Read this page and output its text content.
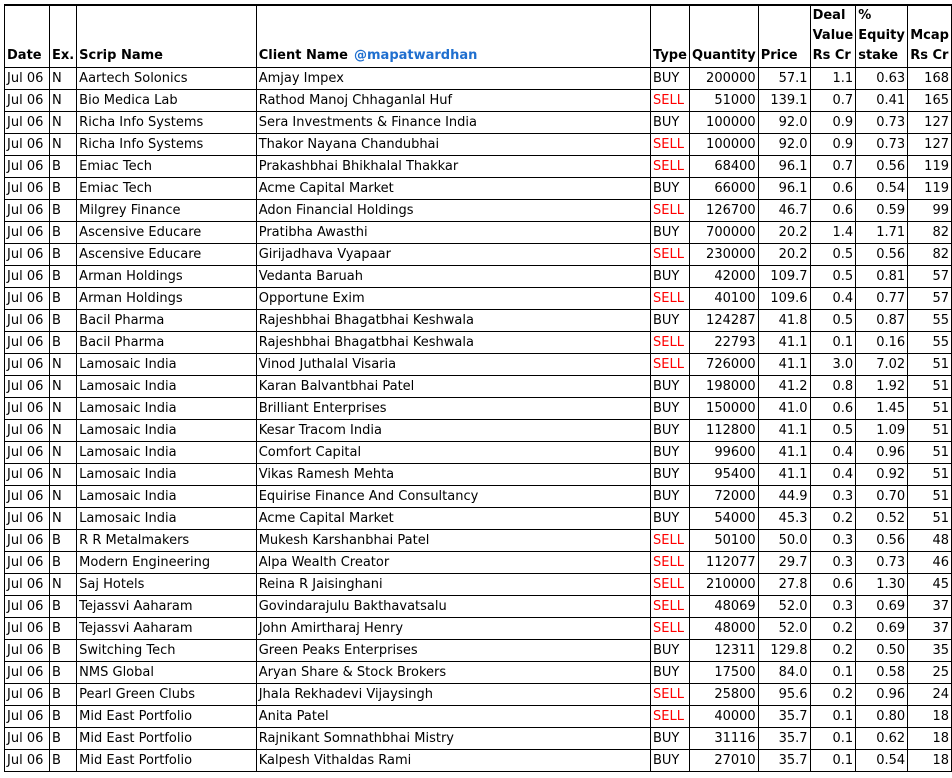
Date	Ex.	Scrip Name	Client Name @mapatwardhan	Type	Quantity	Price	Deal Value Rs Cr	% Equity stake	Mcap Rs Cr
Jul 06	N	Aartech Solonics	Amjay Impex	BUY	200000	57.1	1.1	0.63	168
Jul 06	N	Bio Medica Lab	Rathod Manoj Chhaganlal Huf	SELL	51000	139.1	0.7	0.41	165
Jul 06	N	Richa Info Systems	Sera Investments & Finance India	BUY	100000	92.0	0.9	0.73	127
Jul 06	N	Richa Info Systems	Thakor Nayana Chandubhai	SELL	100000	92.0	0.9	0.73	127
Jul 06	B	Emiac Tech	Prakashbhai Bhikhalal Thakkar	SELL	68400	96.1	0.7	0.56	119
Jul 06	B	Emiac Tech	Acme Capital Market	BUY	66000	96.1	0.6	0.54	119
Jul 06	B	Milgrey Finance	Adon Financial Holdings	SELL	126700	46.7	0.6	0.59	99
Jul 06	B	Ascensive Educare	Pratibha Awasthi	BUY	700000	20.2	1.4	1.71	82
Jul 06	B	Ascensive Educare	Girijadhava Vyapaar	SELL	230000	20.2	0.5	0.56	82
Jul 06	B	Arman Holdings	Vedanta Baruah	BUY	42000	109.7	0.5	0.81	57
Jul 06	B	Arman Holdings	Opportune Exim	SELL	40100	109.6	0.4	0.77	57
Jul 06	B	Bacil Pharma	Rajeshbhai Bhagatbhai Keshwala	BUY	124287	41.8	0.5	0.87	55
Jul 06	B	Bacil Pharma	Rajeshbhai Bhagatbhai Keshwala	SELL	22793	41.1	0.1	0.16	55
Jul 06	N	Lamosaic India	Vinod Juthalal Visaria	SELL	726000	41.1	3.0	7.02	51
Jul 06	N	Lamosaic India	Karan Balvantbhai Patel	BUY	198000	41.2	0.8	1.92	51
Jul 06	N	Lamosaic India	Brilliant Enterprises	BUY	150000	41.0	0.6	1.45	51
Jul 06	N	Lamosaic India	Kesar Tracom India	BUY	112800	41.1	0.5	1.09	51
Jul 06	N	Lamosaic India	Comfort Capital	BUY	99600	41.1	0.4	0.96	51
Jul 06	N	Lamosaic India	Vikas Ramesh Mehta	BUY	95400	41.1	0.4	0.92	51
Jul 06	N	Lamosaic India	Equirise Finance And Consultancy	BUY	72000	44.9	0.3	0.70	51
Jul 06	N	Lamosaic India	Acme Capital Market	BUY	54000	45.3	0.2	0.52	51
Jul 06	B	R R Metalmakers	Mukesh Karshanbhai Patel	SELL	50100	50.0	0.3	0.56	48
Jul 06	B	Modern Engineering	Alpa Wealth Creator	SELL	112077	29.7	0.3	0.73	46
Jul 06	N	Saj Hotels	Reina R Jaisinghani	SELL	210000	27.8	0.6	1.30	45
Jul 06	B	Tejassvi Aaharam	Govindarajulu Bakthavatsalu	SELL	48069	52.0	0.3	0.69	37
Jul 06	B	Tejassvi Aaharam	John Amirtharaj Henry	SELL	48000	52.0	0.2	0.69	37
Jul 06	B	Switching Tech	Green Peaks Enterprises	BUY	12311	129.8	0.2	0.50	35
Jul 06	B	NMS Global	Aryan Share & Stock Brokers	BUY	17500	84.0	0.1	0.58	25
Jul 06	B	Pearl Green Clubs	Jhala Rekhadevi Vijaysingh	SELL	25800	95.6	0.2	0.96	24
Jul 06	B	Mid East Portfolio	Anita Patel	SELL	40000	35.7	0.1	0.80	18
Jul 06	B	Mid East Portfolio	Rajnikant Somnathbhai Mistry	BUY	31116	35.7	0.1	0.62	18
Jul 06	B	Mid East Portfolio	Kalpesh Vithaldas Rami	BUY	27010	35.7	0.1	0.54	18
